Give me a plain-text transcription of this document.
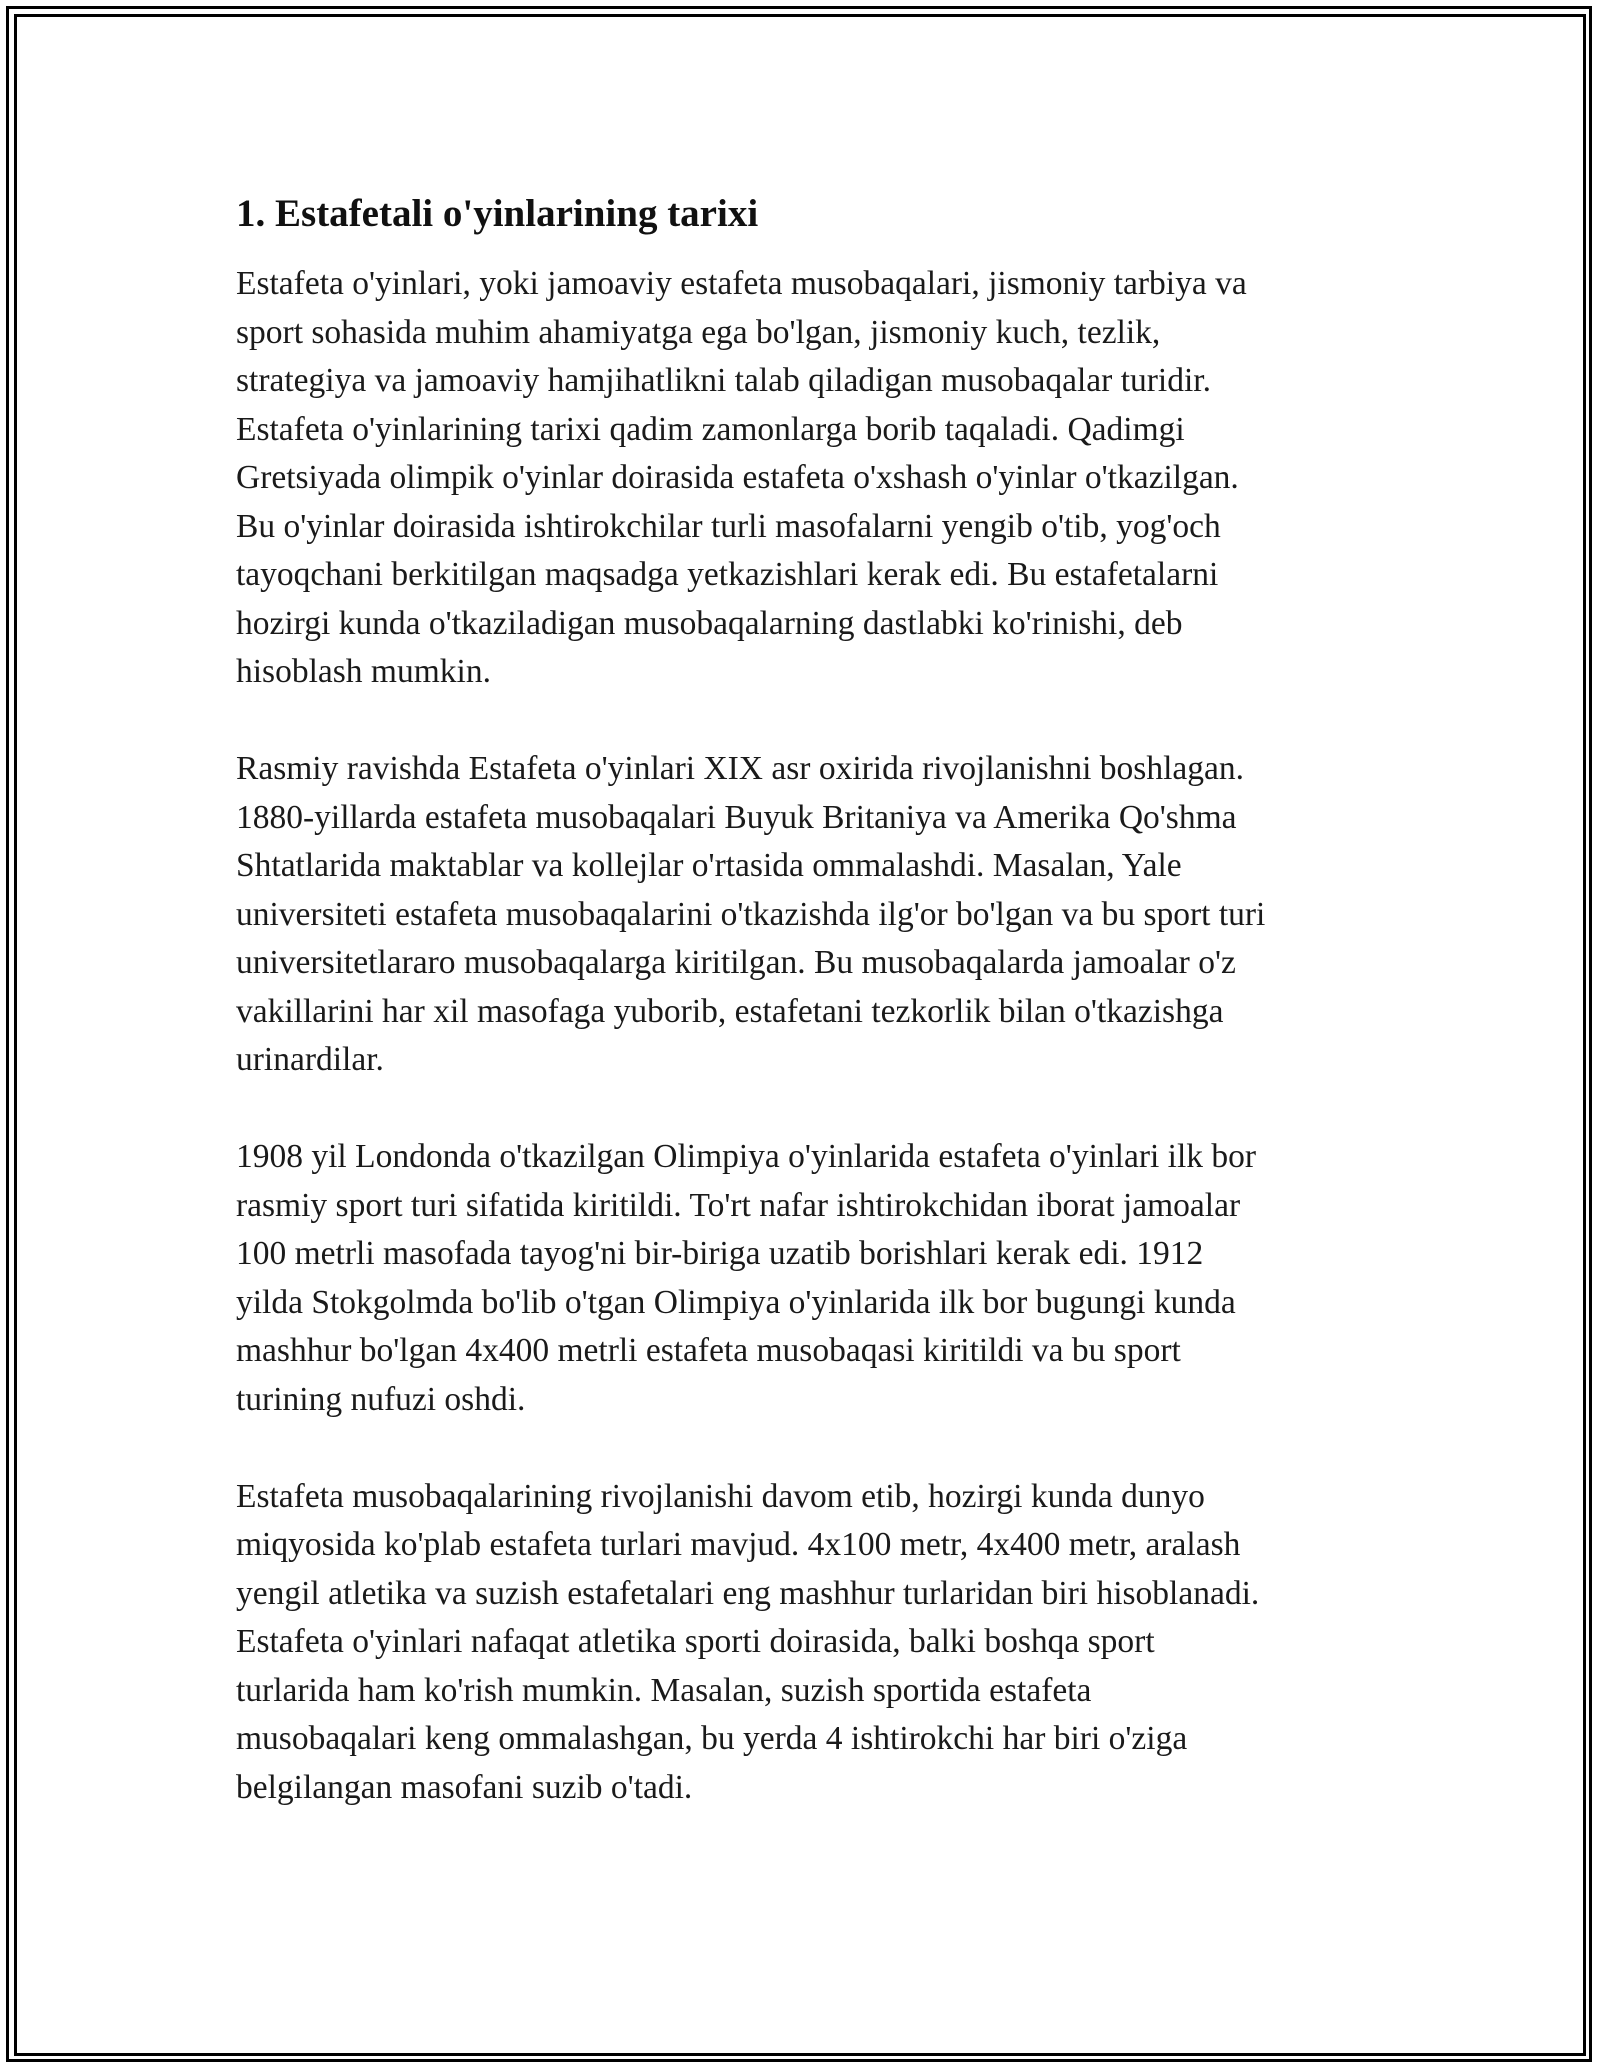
1. Estafetali o'yinlarining tarixi

Estafeta o'yinlari, yoki jamoaviy estafeta musobaqalari, jismoniy tarbiya va
sport sohasida muhim ahamiyatga ega bo'lgan, jismoniy kuch, tezlik,
strategiya va jamoaviy hamjihatlikni talab qiladigan musobaqalar turidir.
Estafeta o'yinlarining tarixi qadim zamonlarga borib taqaladi. Qadimgi
Gretsiyada olimpik o'yinlar doirasida estafeta o'xshash o'yinlar o'tkazilgan.
Bu o'yinlar doirasida ishtirokchilar turli masofalarni yengib o'tib, yog'och
tayoqchani berkitilgan maqsadga yetkazishlari kerak edi. Bu estafetalarni
hozirgi kunda o'tkaziladigan musobaqalarning dastlabki ko'rinishi, deb
hisoblash mumkin.

Rasmiy ravishda Estafeta o'yinlari XIX asr oxirida rivojlanishni boshlagan.
1880-yillarda estafeta musobaqalari Buyuk Britaniya va Amerika Qo'shma
Shtatlarida maktablar va kollejlar o'rtasida ommalashdi. Masalan, Yale
universiteti estafeta musobaqalarini o'tkazishda ilg'or bo'lgan va bu sport turi
universitetlararo musobaqalarga kiritilgan. Bu musobaqalarda jamoalar o'z
vakillarini har xil masofaga yuborib, estafetani tezkorlik bilan o'tkazishga
urinardilar.

1908 yil Londonda o'tkazilgan Olimpiya o'yinlarida estafeta o'yinlari ilk bor
rasmiy sport turi sifatida kiritildi. To'rt nafar ishtirokchidan iborat jamoalar
100 metrli masofada tayog'ni bir-biriga uzatib borishlari kerak edi. 1912
yilda Stokgolmda bo'lib o'tgan Olimpiya o'yinlarida ilk bor bugungi kunda
mashhur bo'lgan 4x400 metrli estafeta musobaqasi kiritildi va bu sport
turining nufuzi oshdi.

Estafeta musobaqalarining rivojlanishi davom etib, hozirgi kunda dunyo
miqyosida ko'plab estafeta turlari mavjud. 4x100 metr, 4x400 metr, aralash
yengil atletika va suzish estafetalari eng mashhur turlaridan biri hisoblanadi.
Estafeta o'yinlari nafaqat atletika sporti doirasida, balki boshqa sport
turlarida ham ko'rish mumkin. Masalan, suzish sportida estafeta
musobaqalari keng ommalashgan, bu yerda 4 ishtirokchi har biri o'ziga
belgilangan masofani suzib o'tadi.
